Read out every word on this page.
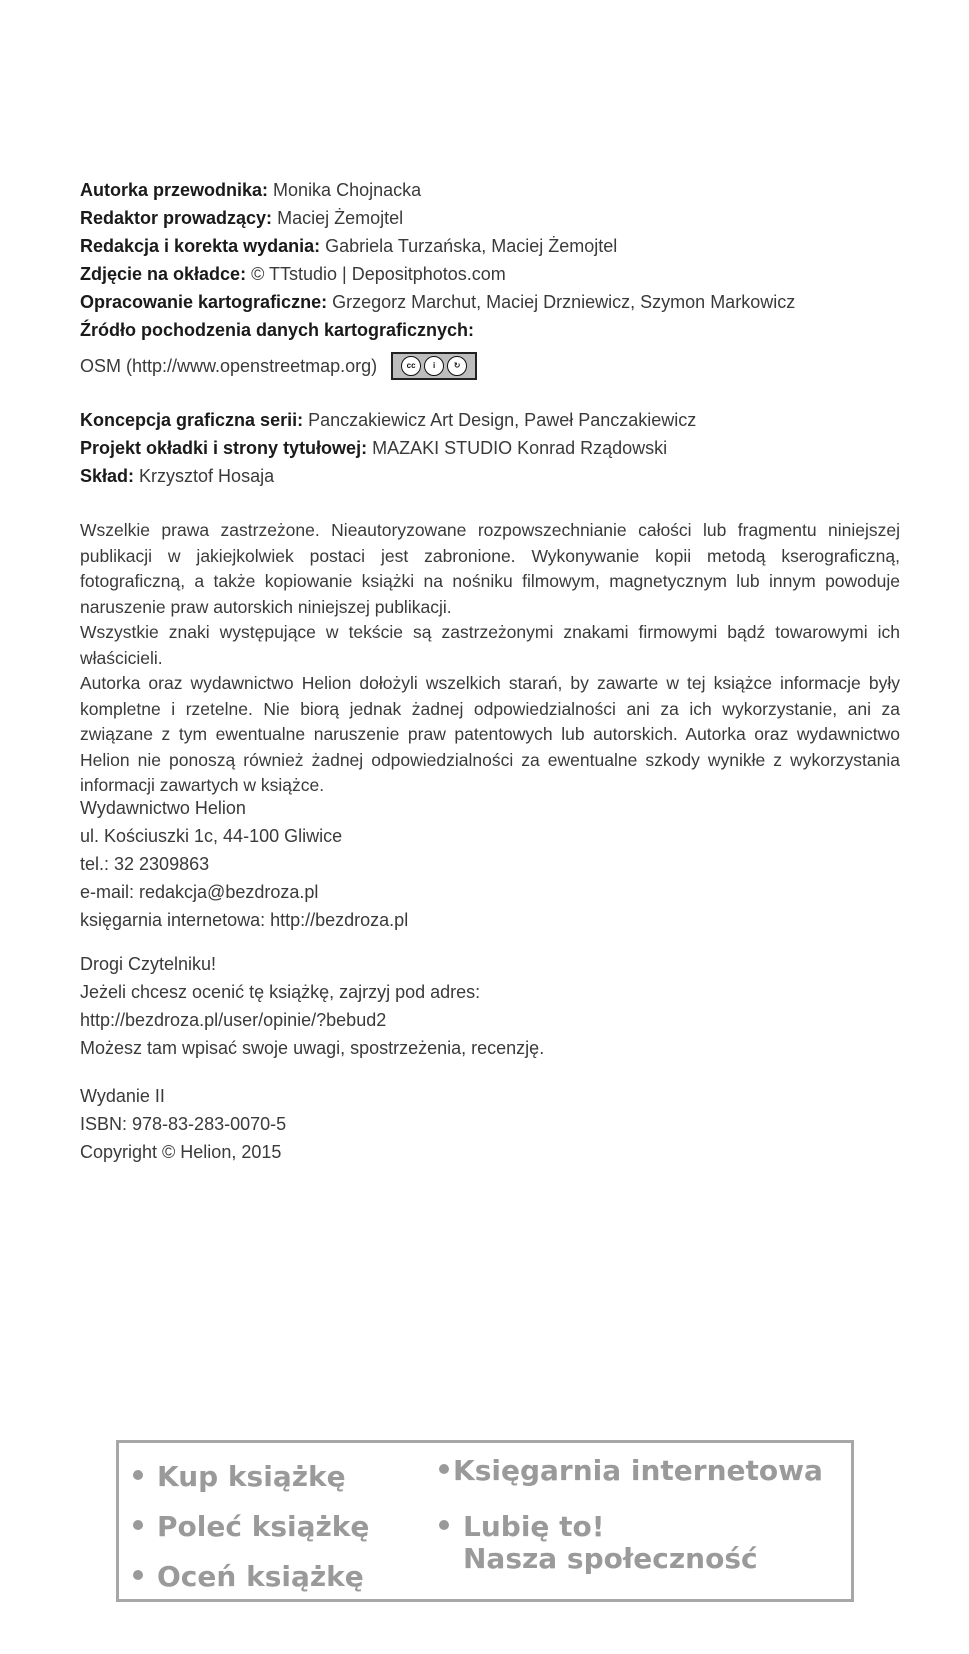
Autorka przewodnika: Monika Chojnacka
Redaktor prowadzący: Maciej Żemojtel
Redakcja i korekta wydania: Gabriela Turzańska, Maciej Żemojtel
Zdjęcie na okładce: © TTstudio | Depositphotos.com
Opracowanie kartograficzne: Grzegorz Marchut, Maciej Drzniewicz, Szymon Markowicz
Źródło pochodzenia danych kartograficznych:
OSM (http://www.openstreetmap.org)	cc	i	↻
Koncepcja graficzna serii: Panczakiewicz Art Design, Paweł Panczakiewicz
Projekt okładki i strony tytułowej: MAZAKI STUDIO Konrad Rządowski
Skład: Krzysztof Hosaja

Wszelkie prawa zastrzeżone. Nieautoryzowane rozpowszechnianie całości lub fragmentu niniejszej publikacji w jakiejkolwiek postaci jest zabronione. Wykonywanie kopii metodą kserograficzną, fotograficzną, a także kopiowanie książki na nośniku filmowym, magnetycznym lub innym powoduje naruszenie praw autorskich niniejszej publikacji.

Wszystkie znaki występujące w tekście są zastrzeżonymi znakami firmowymi bądź towarowymi ich właścicieli.

Autorka oraz wydawnictwo Helion dołożyli wszelkich starań, by zawarte w tej książce informacje były kompletne i rzetelne. Nie biorą jednak żadnej odpowiedzialności ani za ich wykorzystanie, ani za związane z tym ewentualne naruszenie praw patentowych lub autorskich. Autorka oraz wydawnictwo Helion nie ponoszą również żadnej odpowiedzialności za ewentualne szkody wynikłe z wykorzystania informacji zawartych w książce.

Wydawnictwo Helion
ul. Kościuszki 1c, 44-100 Gliwice
tel.: 32 2309863
e-mail: redakcja@bezdroza.pl
księgarnia internetowa: http://bezdroza.pl
Drogi Czytelniku!
Jeżeli chcesz ocenić tę książkę, zajrzyj pod adres:
http://bezdroza.pl/user/opinie/?bebud2
Możesz tam wpisać swoje uwagi, spostrzeżenia, recenzję.
Wydanie II
ISBN: 978-83-283-0070-5
Copyright © Helion, 2015
Kup książkę
Poleć książkę
Oceń książkę
Księgarnia internetowa
Lubię to!
Nasza społeczność
